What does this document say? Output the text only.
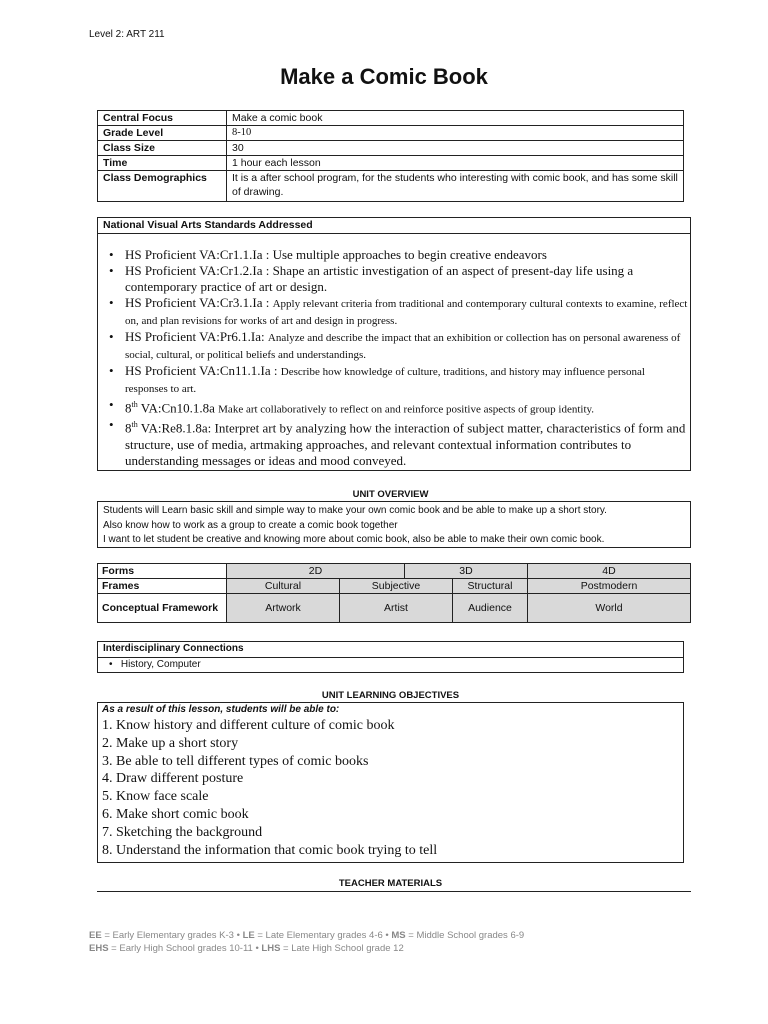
Level 2: ART 211
Make a Comic Book
Central Focus	Make a comic book
Grade Level	8-10
Class Size	30
Time	1 hour each lesson
Class Demographics	It is a after school program, for the students who interesting with comic book, and has some skill of drawing.
National Visual Arts Standards Addressed
• HS Proficient VA:Cr1.1.Ia : Use multiple approaches to begin creative endeavors
• HS Proficient VA:Cr1.2.Ia : Shape an artistic investigation of an aspect of present-day life using a contemporary practice of art or design.
• HS Proficient VA:Cr3.1.Ia : Apply relevant criteria from traditional and contemporary cultural contexts to examine, reflect on, and plan revisions for works of art and design in progress.
• HS Proficient VA:Pr6.1.Ia: Analyze and describe the impact that an exhibition or collection has on personal awareness of social, cultural, or political beliefs and understandings.
• HS Proficient VA:Cn11.1.Ia : Describe how knowledge of culture, traditions, and history may influence personal responses to art.
• 8th VA:Cn10.1.8a Make art collaboratively to reflect on and reinforce positive aspects of group identity.
• 8th VA:Re8.1.8a: Interpret art by analyzing how the interaction of subject matter, characteristics of form and structure, use of media, artmaking approaches, and relevant contextual information contributes to understanding messages or ideas and mood conveyed.
UNIT OVERVIEW
Students will Learn basic skill and simple way to make your own comic book and be able to make up a short story.
Also know how to work as a group to create a comic book together
I want to let student be creative and knowing more about comic book, also be able to make their own comic book.
Forms	2D		3D		4D
Frames	Cultural	Subjective		Structural	Postmodern
Conceptual Framework	Artwork	Artist		Audience	World
Interdisciplinary Connections
• History, Computer
UNIT LEARNING OBJECTIVES
As a result of this lesson, students will be able to:
1. Know history and different culture of comic book
2. Make up a short story
3. Be able to tell different types of comic books
4. Draw different posture
5. Know face scale
6. Make short comic book
7. Sketching the background
8. Understand the information that comic book trying to tell
TEACHER MATERIALS
EE = Early Elementary grades K-3 • LE = Late Elementary grades 4-6 • MS = Middle School grades 6-9
EHS = Early High School grades 10-11 • LHS = Late High School grade 12
